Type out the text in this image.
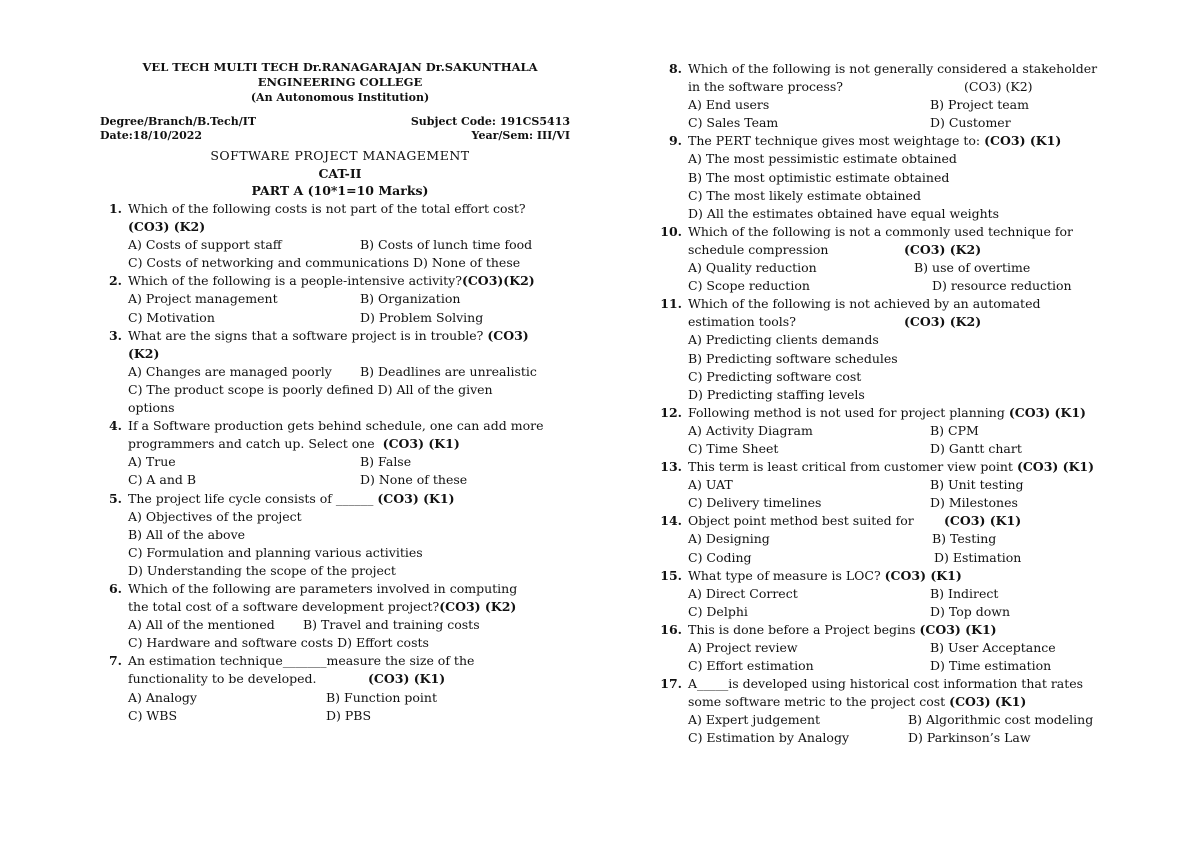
VEL TECH MULTI TECH Dr.RANAGARAJAN Dr.SAKUNTHALA
ENGINEERING COLLEGE
(An Autonomous Institution)
Degree/Branch/B.Tech/IT	Subject Code: 191CS5413
Date:18/10/2022	Year/Sem: III/VI
SOFTWARE PROJECT MANAGEMENT
CAT-II
PART A (10*1=10 Marks)
1. Which of the following costs is not part of the total effort cost?
(CO3) (K2)
A) Costs of support staff	B) Costs of lunch time food
C) Costs of networking and communications D) None of these
2. Which of the following is a people-intensive activity?(CO3)(K2)
A) Project management	B) Organization
C) Motivation	D) Problem Solving
3. What are the signs that a software project is in trouble? (CO3)
(K2)
A) Changes are managed poorly	B) Deadlines are unrealistic
C) The product scope is poorly defined D) All of the given
options
4. If a Software production gets behind schedule, one can add more
programmers and catch up. Select one (CO3) (K1)
A) True	B) False
C) A and B	D) None of these
5. The project life cycle consists of ______ (CO3) (K1)
A) Objectives of the project
B) All of the above
C) Formulation and planning various activities
D) Understanding the scope of the project
6. Which of the following are parameters involved in computing
the total cost of a software development project?(CO3) (K2)
A) All of the mentioned	B) Travel and training costs
C) Hardware and software costs D) Effort costs
7. An estimation technique_______measure the size of the
functionality to be developed.	(CO3) (K1)
A) Analogy	B) Function point
C) WBS	D) PBS
8. Which of the following is not generally considered a stakeholder
in the software process?	(CO3) (K2)
A) End users	B) Project team
C) Sales Team	D) Customer
9. The PERT technique gives most weightage to: (CO3) (K1)
A) The most pessimistic estimate obtained
B) The most optimistic estimate obtained
C) The most likely estimate obtained
D) All the estimates obtained have equal weights
10. Which of the following is not a commonly used technique for
schedule compression	(CO3) (K2)
A) Quality reduction	B) use of overtime
C) Scope reduction	D) resource reduction
11. Which of the following is not achieved by an automated
estimation tools?	(CO3) (K2)
A) Predicting clients demands
B) Predicting software schedules
C) Predicting software cost
D) Predicting staffing levels
12. Following method is not used for project planning (CO3) (K1)
A) Activity Diagram	B) CPM
C) Time Sheet	D) Gantt chart
13. This term is least critical from customer view point (CO3) (K1)
A) UAT	B) Unit testing
C) Delivery timelines	D) Milestones
14. Object point method best suited for (CO3) (K1)
A) Designing	B) Testing
C) Coding	D) Estimation
15. What type of measure is LOC? (CO3) (K1)
A) Direct Correct	B) Indirect
C) Delphi	D) Top down
16. This is done before a Project begins (CO3) (K1)
A) Project review	B) User Acceptance
C) Effort estimation	D) Time estimation
17. A_____is developed using historical cost information that rates
some software metric to the project cost (CO3) (K1)
A) Expert judgement	B) Algorithmic cost modeling
C) Estimation by Analogy	D) Parkinson’s Law
